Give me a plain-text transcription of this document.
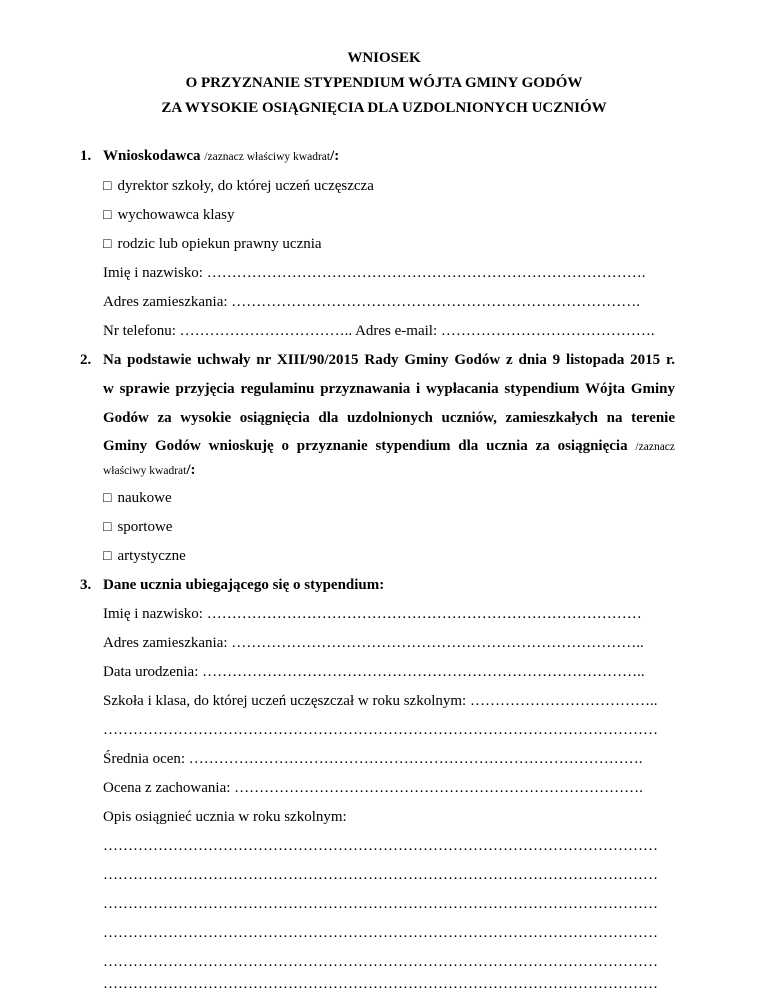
WNIOSEK
O PRZYZNANIE STYPENDIUM WÓJTA GMINY GODÓW
ZA WYSOKIE OSIĄGNIĘCIA DLA UZDOLNIONYCH UCZNIÓW
1. Wnioskodawca /zaznacz właściwy kwadrat/:
□ dyrektor szkoły, do której uczeń uczęszcza
□ wychowawca klasy
□ rodzic lub opiekun prawny ucznia
Imię i nazwisko: …………………………………………………………………………….
Adres zamieszkania: ……………………………………………………………………….
Nr telefonu: …………………………….. Adres e-mail: …………………………………….
2. Na podstawie uchwały nr XIII/90/2015 Rady Gminy Godów z dnia 9 listopada 2015 r.
w sprawie przyjęcia regulaminu przyznawania i wypłacania stypendium Wójta Gminy
Godów za wysokie osiągnięcia dla uzdolnionych uczniów, zamieszkałych na terenie
Gminy Godów wnioskuję o przyznanie stypendium dla ucznia za osiągnięcia /zaznacz
właściwy kwadrat/:
□ naukowe
□ sportowe
□ artystyczne
3. Dane ucznia ubiegającego się o stypendium:
Imię i nazwisko: ……………………………………………………………………………
Adres zamieszkania: ………………………………………………………………………..
Data urodzenia: ……………………………………………………………………………..
Szkoła i klasa, do której uczeń uczęszczał w roku szkolnym: ………………………………..
…………………………………………………………………………………………………
Średnia ocen: ……………………………………………………………………………….
Ocena z zachowania: ……………………………………………………………………….
Opis osiągnieć ucznia w roku szkolnym:
…………………………………………………………………………………………………
…………………………………………………………………………………………………
…………………………………………………………………………………………………
…………………………………………………………………………………………………
…………………………………………………………………………………………………
…………………………………………………………………………………………………
